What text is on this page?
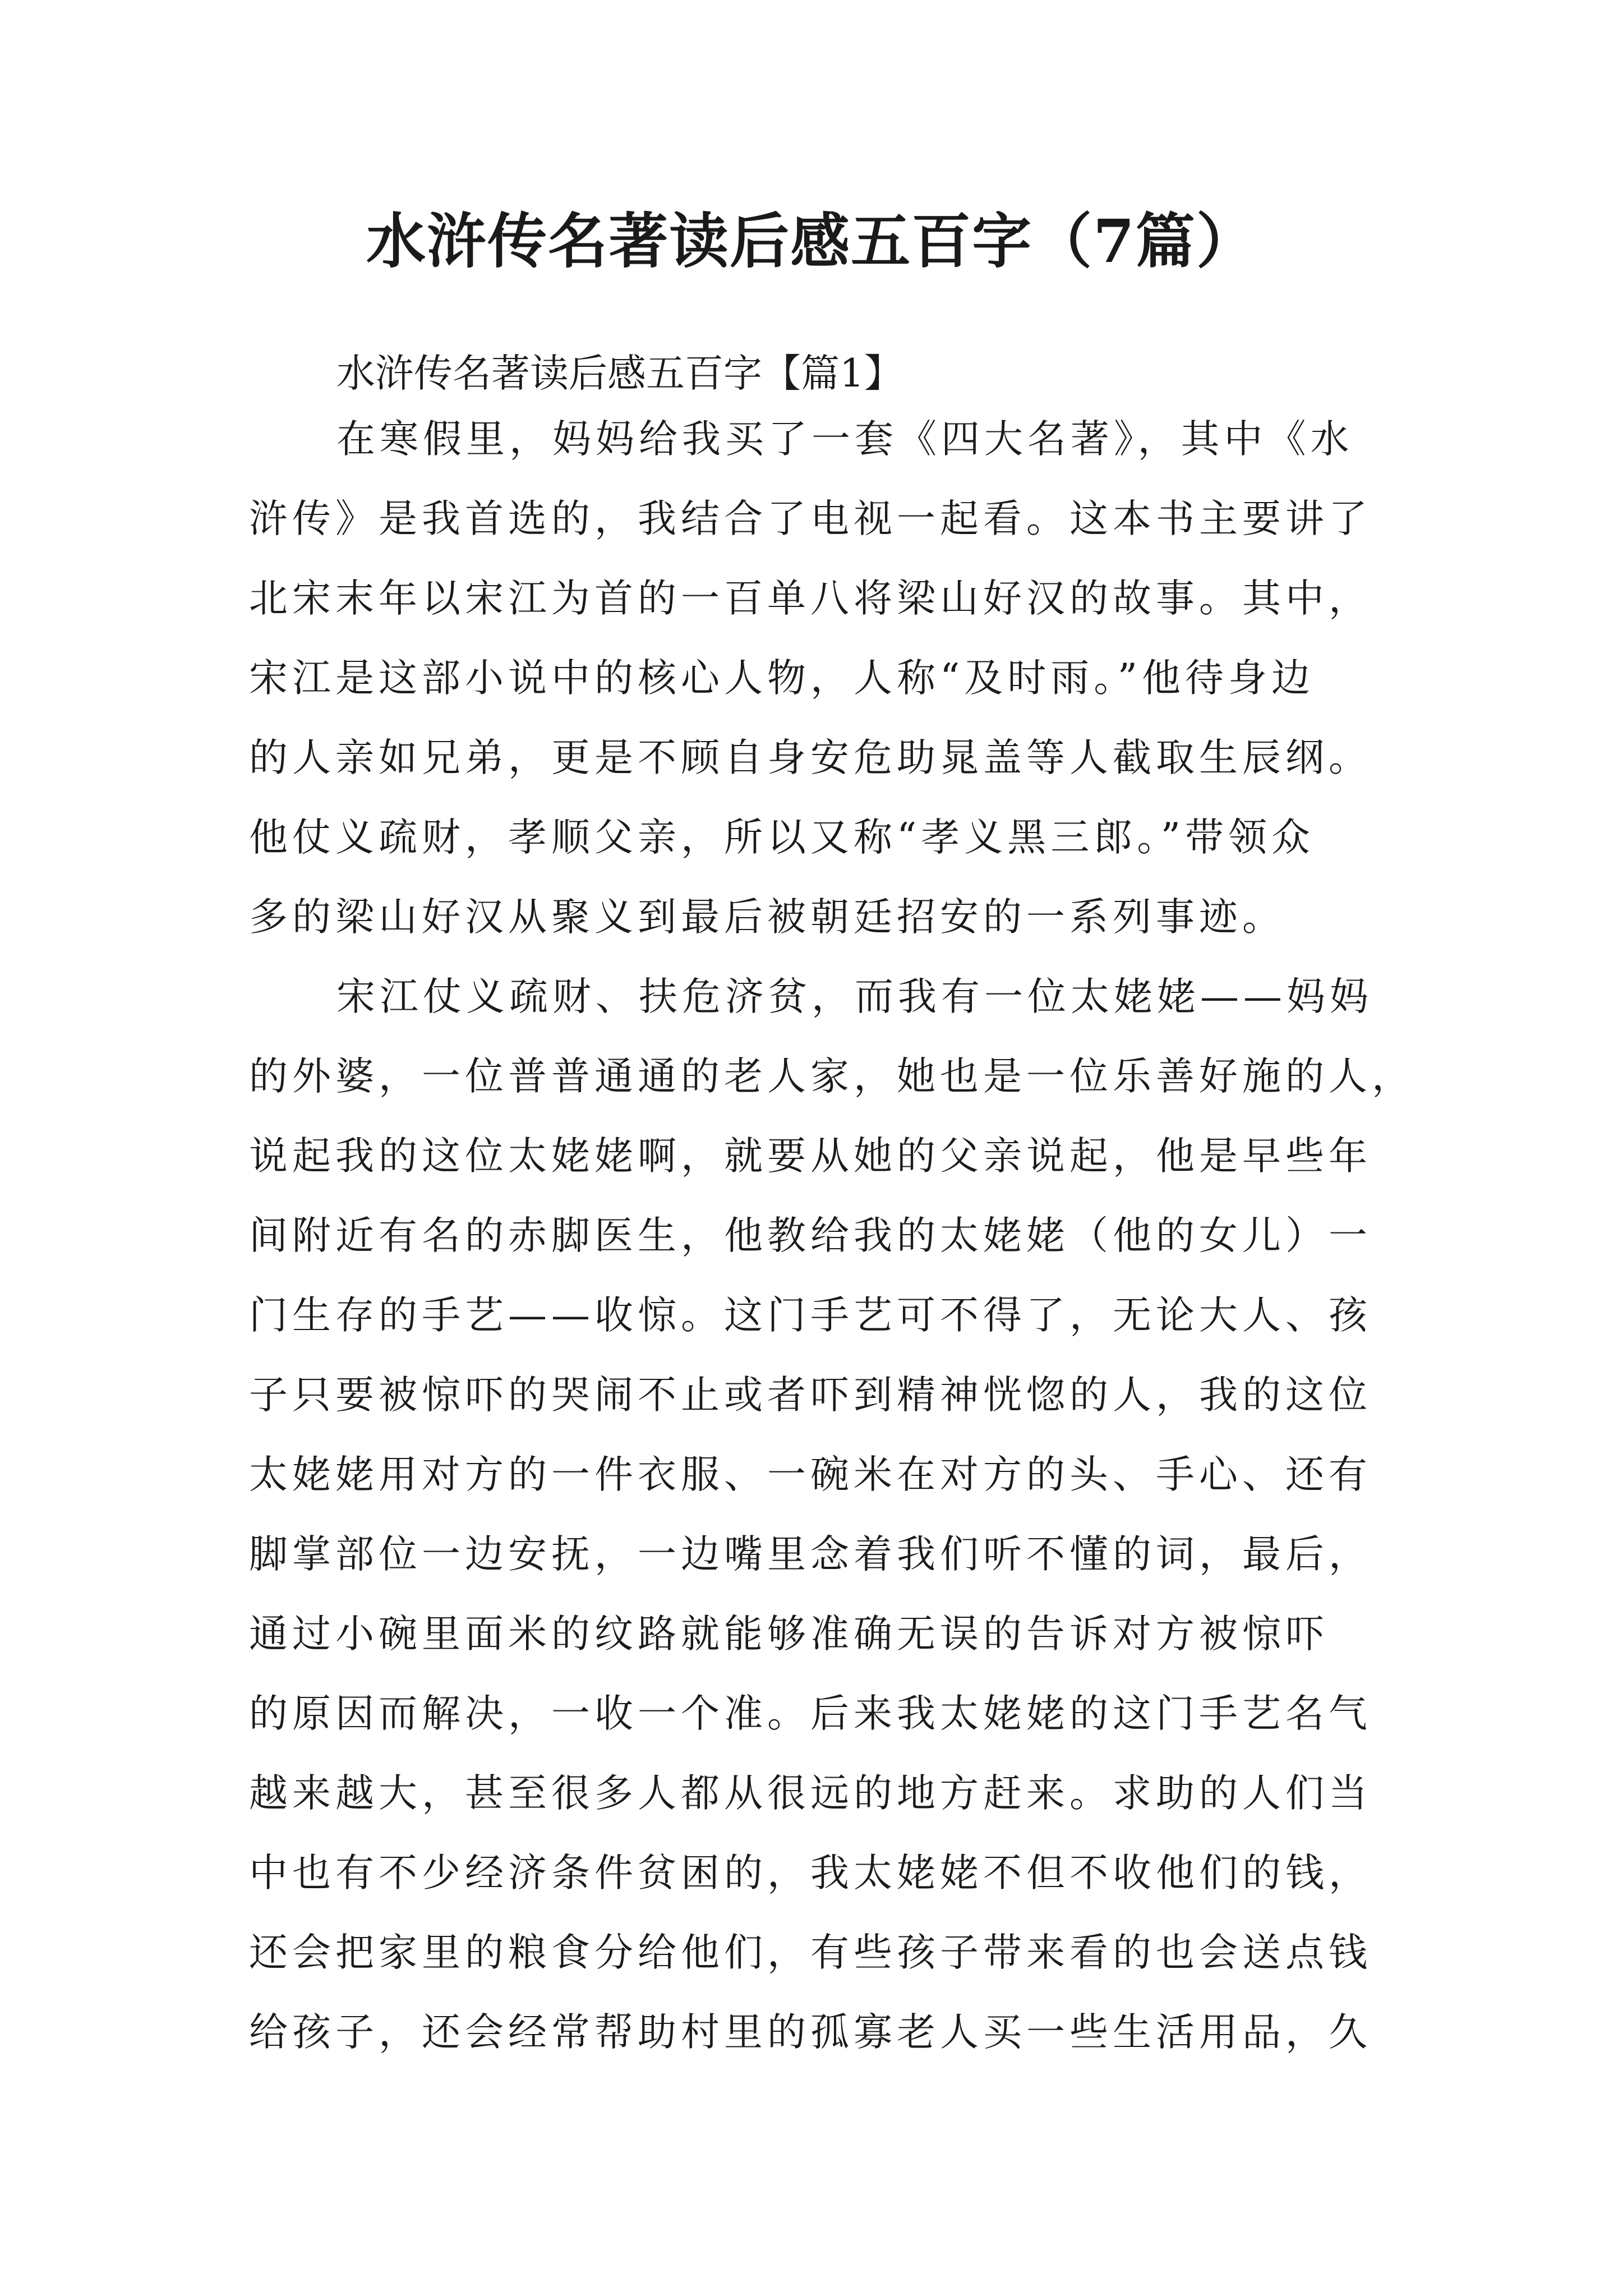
水浒传名著读后感五百字（7篇）
水浒传名著读后感五百字【篇1】
在寒假里，妈妈给我买了一套《四大名著》，其中《水
浒传》是我首选的，我结合了电视一起看。这本书主要讲了
北宋末年以宋江为首的一百单八将梁山好汉的故事。其中，
宋江是这部小说中的核心人物，人称“及时雨。”他待身边
的人亲如兄弟，更是不顾自身安危助晁盖等人截取生辰纲。
他仗义疏财，孝顺父亲，所以又称“孝义黑三郎。”带领众
多的梁山好汉从聚义到最后被朝廷招安的一系列事迹。
宋江仗义疏财、扶危济贫，而我有一位太姥姥——妈妈
的外婆，一位普普通通的老人家，她也是一位乐善好施的人，
说起我的这位太姥姥啊，就要从她的父亲说起，他是早些年
间附近有名的赤脚医生，他教给我的太姥姥（他的女儿）一
门生存的手艺——收惊。这门手艺可不得了，无论大人、孩
子只要被惊吓的哭闹不止或者吓到精神恍惚的人，我的这位
太姥姥用对方的一件衣服、一碗米在对方的头、手心、还有
脚掌部位一边安抚，一边嘴里念着我们听不懂的词，最后，
通过小碗里面米的纹路就能够准确无误的告诉对方被惊吓
的原因而解决，一收一个准。后来我太姥姥的这门手艺名气
越来越大，甚至很多人都从很远的地方赶来。求助的人们当
中也有不少经济条件贫困的，我太姥姥不但不收他们的钱，
还会把家里的粮食分给他们，有些孩子带来看的也会送点钱
给孩子，还会经常帮助村里的孤寡老人买一些生活用品，久
